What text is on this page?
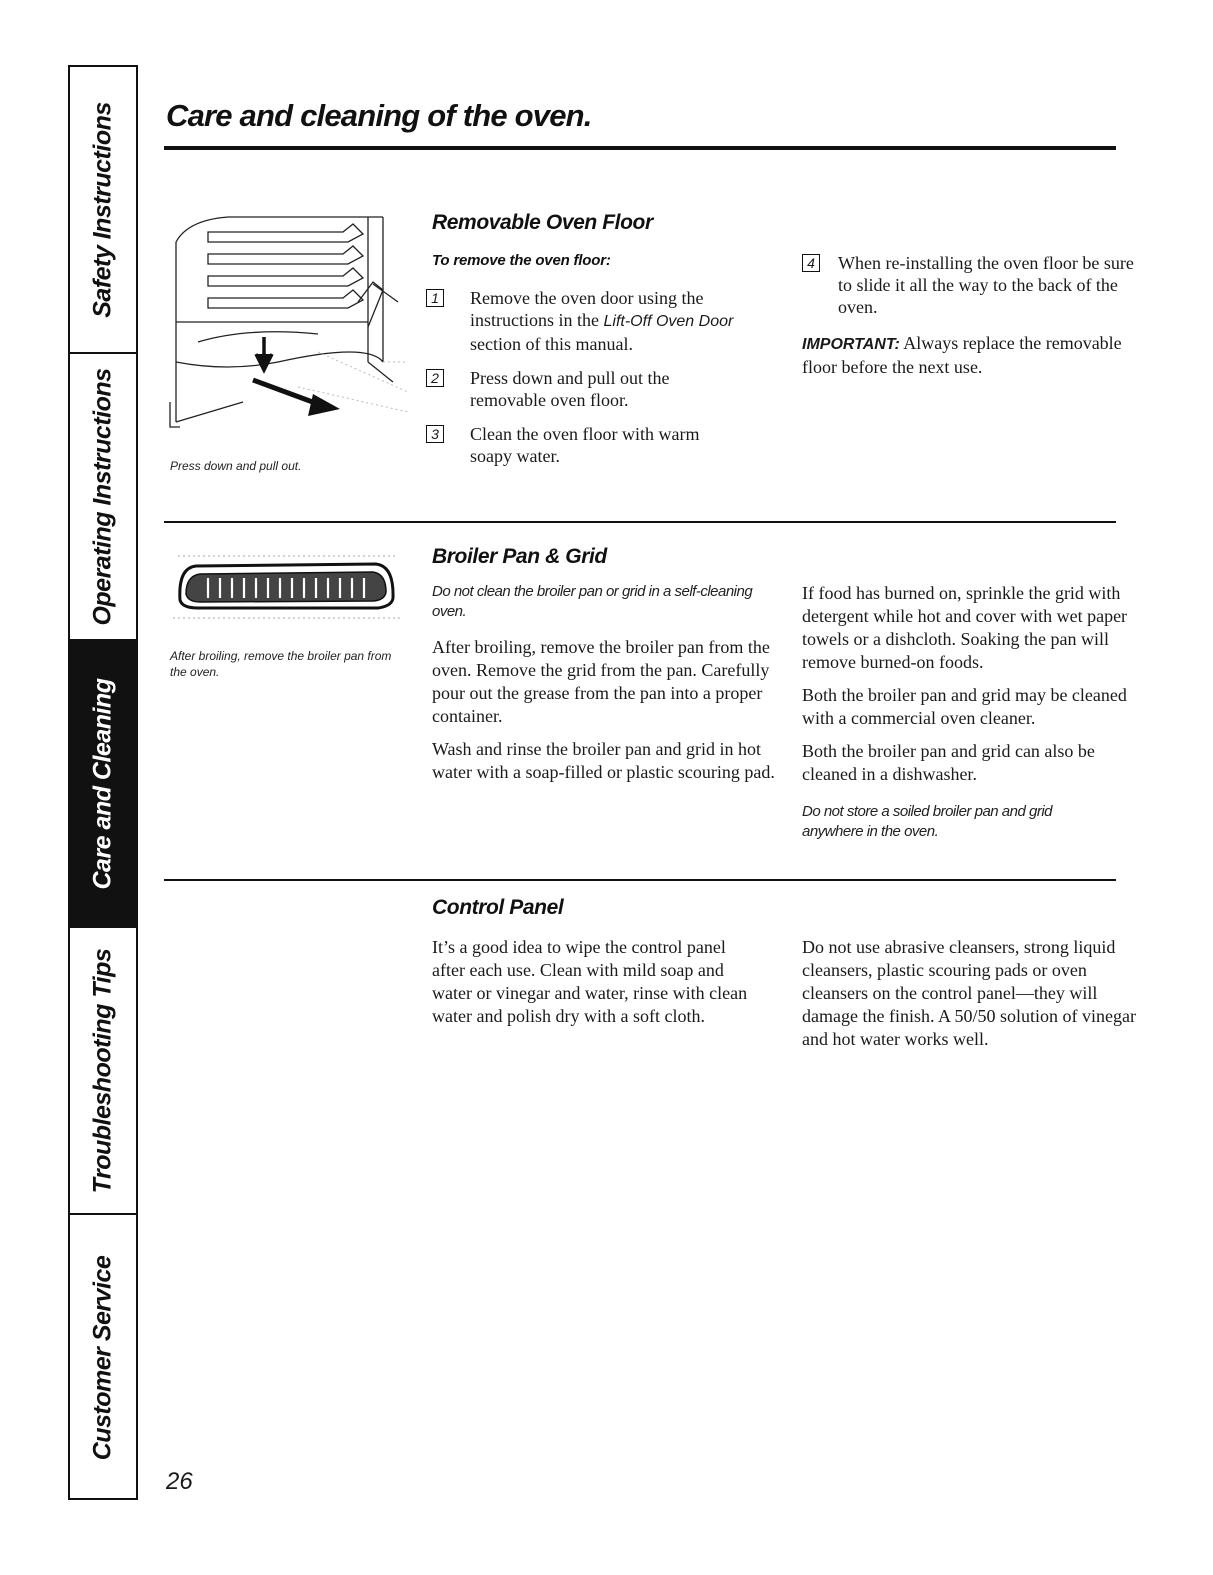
Safety Instructions
Operating Instructions
Care and Cleaning
Troubleshooting Tips
Customer Service
Care and cleaning of the oven.
Press down and pull out.
Removable Oven Floor
To remove the oven floor:
1 Remove the oven door using the instructions in the Lift-Off Oven Door section of this manual.
2 Press down and pull out the removable oven floor.
3 Clean the oven floor with warm soapy water.
4 When re-installing the oven floor be sure to slide it all the way to the back of the oven.
IMPORTANT: Always replace the removable floor before the next use.
After broiling, remove the broiler pan from the oven.
Broiler Pan & Grid
Do not clean the broiler pan or grid in a self-cleaning oven.

After broiling, remove the broiler pan from the oven. Remove the grid from the pan. Carefully pour out the grease from the pan into a proper container.

Wash and rinse the broiler pan and grid in hot water with a soap-filled or plastic scouring pad.

If food has burned on, sprinkle the grid with detergent while hot and cover with wet paper towels or a dishcloth. Soaking the pan will remove burned-on foods.

Both the broiler pan and grid may be cleaned with a commercial oven cleaner.

Both the broiler pan and grid can also be cleaned in a dishwasher.

Do not store a soiled broiler pan and grid anywhere in the oven.
Control Panel
It’s a good idea to wipe the control panel after each use. Clean with mild soap and water or vinegar and water, rinse with clean water and polish dry with a soft cloth.
Do not use abrasive cleansers, strong liquid cleansers, plastic scouring pads or oven cleansers on the control panel—they will damage the finish. A 50/50 solution of vinegar and hot water works well.
26
